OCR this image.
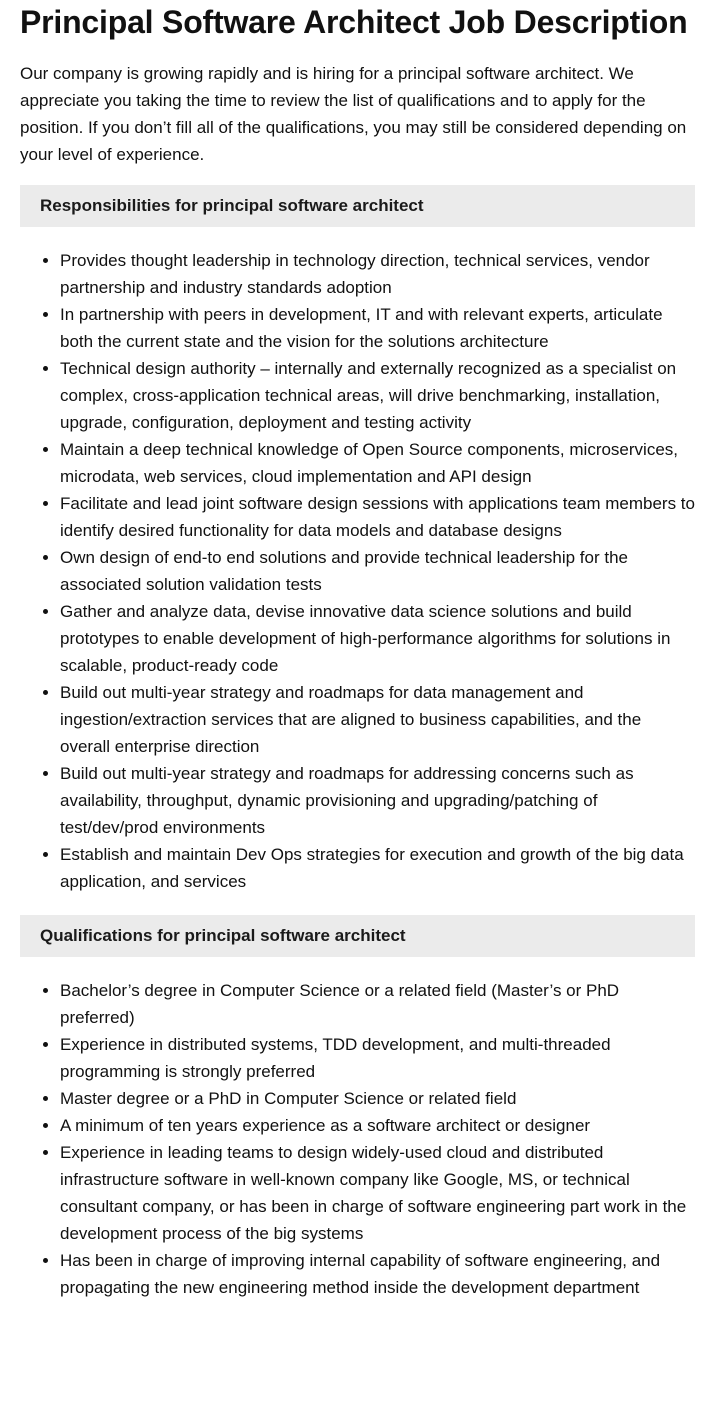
Principal Software Architect Job Description

Our company is growing rapidly and is hiring for a principal software architect. We appreciate you taking the time to review the list of qualifications and to apply for the position. If you don’t fill all of the qualifications, you may still be considered depending on your level of experience.

Responsibilities for principal software architect
• Provides thought leadership in technology direction, technical services, vendor partnership and industry standards adoption
• In partnership with peers in development, IT and with relevant experts, articulate both the current state and the vision for the solutions architecture
• Technical design authority – internally and externally recognized as a specialist on complex, cross-application technical areas, will drive benchmarking, installation, upgrade, configuration, deployment and testing activity
• Maintain a deep technical knowledge of Open Source components, microservices, microdata, web services, cloud implementation and API design
• Facilitate and lead joint software design sessions with applications team members to identify desired functionality for data models and database designs
• Own design of end-to end solutions and provide technical leadership for the associated solution validation tests
• Gather and analyze data, devise innovative data science solutions and build prototypes to enable development of high-performance algorithms for solutions in scalable, product-ready code
• Build out multi-year strategy and roadmaps for data management and ingestion/extraction services that are aligned to business capabilities, and the overall enterprise direction
• Build out multi-year strategy and roadmaps for addressing concerns such as availability, throughput, dynamic provisioning and upgrading/patching of test/dev/prod environments
• Establish and maintain Dev Ops strategies for execution and growth of the big data application, and services
Qualifications for principal software architect
• Bachelor’s degree in Computer Science or a related field (Master’s or PhD preferred)
• Experience in distributed systems, TDD development, and multi-threaded programming is strongly preferred
• Master degree or a PhD in Computer Science or related field
• A minimum of ten years experience as a software architect or designer
• Experience in leading teams to design widely-used cloud and distributed infrastructure software in well-known company like Google, MS, or technical consultant company, or has been in charge of software engineering part work in the development process of the big systems
• Has been in charge of improving internal capability of software engineering, and propagating the new engineering method inside the development department
